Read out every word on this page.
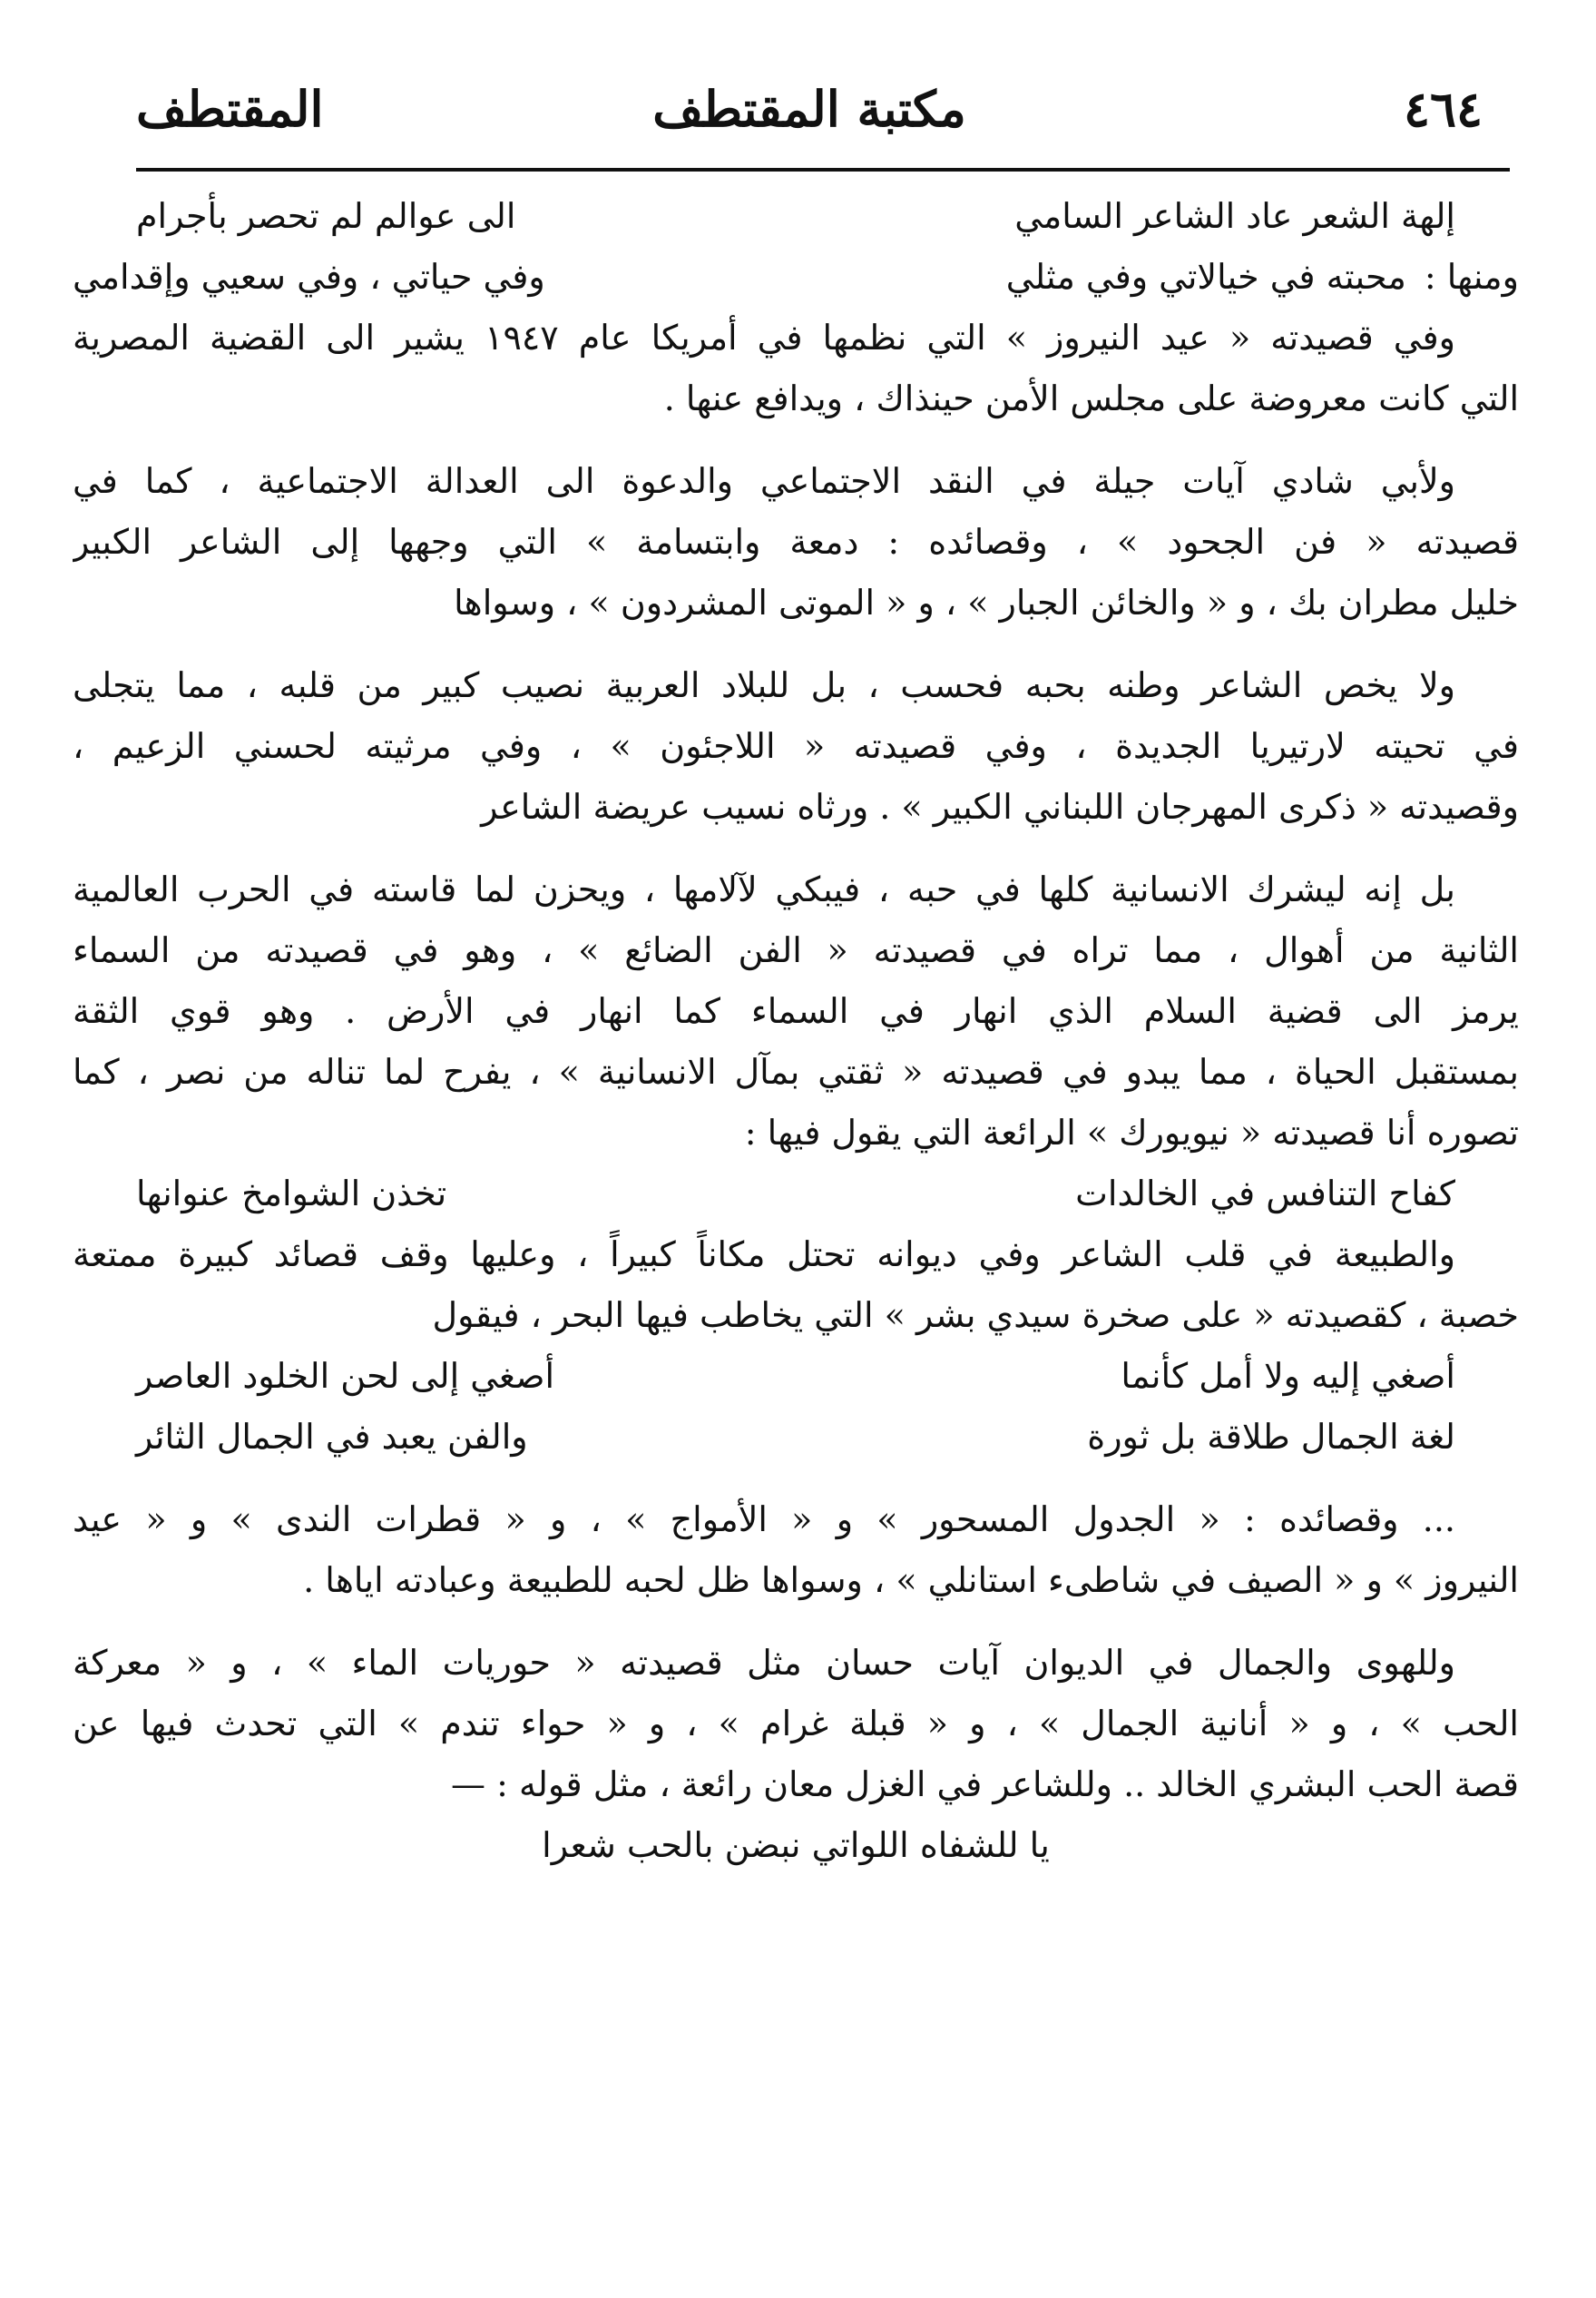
٤٦٤
مكتبة المقتطف
المقتطف
إلهة الشعر عاد الشاعر السامي
الى عوالم لم تحصر بأجرام
ومنها :محبته في خيالاتي وفي مثلي
وفي حياتي ، وفي سعيي وإقدامي
وفي قصيدته « عيد النيروز » التي نظمها في أمريكا عام ١٩٤٧ يشير الى القضية المصرية
التي كانت معروضة على مجلس الأمن حينذاك ، ويدافع عنها .
ولأبي شادي آيات جيلة في النقد الاجتماعي والدعوة الى العدالة الاجتماعية ، كما في
قصيدته « فن الجحود » ، وقصائده : دمعة وابتسامة » التي وجهها إلى الشاعر الكبير
خليل مطران بك ، و « والخائن الجبار » ، و « الموتى المشردون » ، وسواها
ولا يخص الشاعر وطنه بحبه فحسب ، بل للبلاد العربية نصيب كبير من قلبه ، مما يتجلى
في تحيته لارتيريا الجديدة ، وفي قصيدته « اللاجئون » ، وفي مرثيته لحسني الزعيم ،
وقصيدته « ذكرى المهرجان اللبناني الكبير » . ورثاه نسيب عريضة الشاعر
بل إنه ليشرك الانسانية كلها في حبه ، فيبكي لآلامها ، ويحزن لما قاسته في الحرب العالمية
الثانية من أهوال ، مما تراه في قصيدته « الفن الضائع » ، وهو في قصيدته من السماء
يرمز الى قضية السلام الذي انهار في السماء كما انهار في الأرض . وهو قوي الثقة
بمستقبل الحياة ، مما يبدو في قصيدته « ثقتي بمآل الانسانية » ، يفرح لما تناله من نصر ، كما
تصوره أنا قصيدته « نيويورك » الرائعة التي يقول فيها :
كفاح التنافس في الخالدات
تخذن الشوامخ عنوانها
والطبيعة في قلب الشاعر وفي ديوانه تحتل مكاناً كبيراً ، وعليها وقف قصائد كبيرة ممتعة
خصبة ، كقصيدته « على صخرة سيدي بشر » التي يخاطب فيها البحر ، فيقول
أصغي إليه ولا أمل كأنما
أصغي إلى لحن الخلود العاصر
لغة الجمال طلاقة بل ثورة
والفن يعبد في الجمال الثائر
... وقصائده : « الجدول المسحور » و « الأمواج » ، و « قطرات الندى » و « عيد
النيروز » و « الصيف في شاطىء استانلي » ، وسواها ظل لحبه للطبيعة وعبادته اياها .
وللهوى والجمال في الديوان آيات حسان مثل قصيدته « حوريات الماء » ، و « معركة
الحب » ، و « أنانية الجمال » ، و « قبلة غرام » ، و « حواء تندم » التي تحدث فيها عن
قصة الحب البشري الخالد .. وللشاعر في الغزل معان رائعة ، مثل قوله : —
يا للشفاه اللواتي نبضن بالحب شعرا
